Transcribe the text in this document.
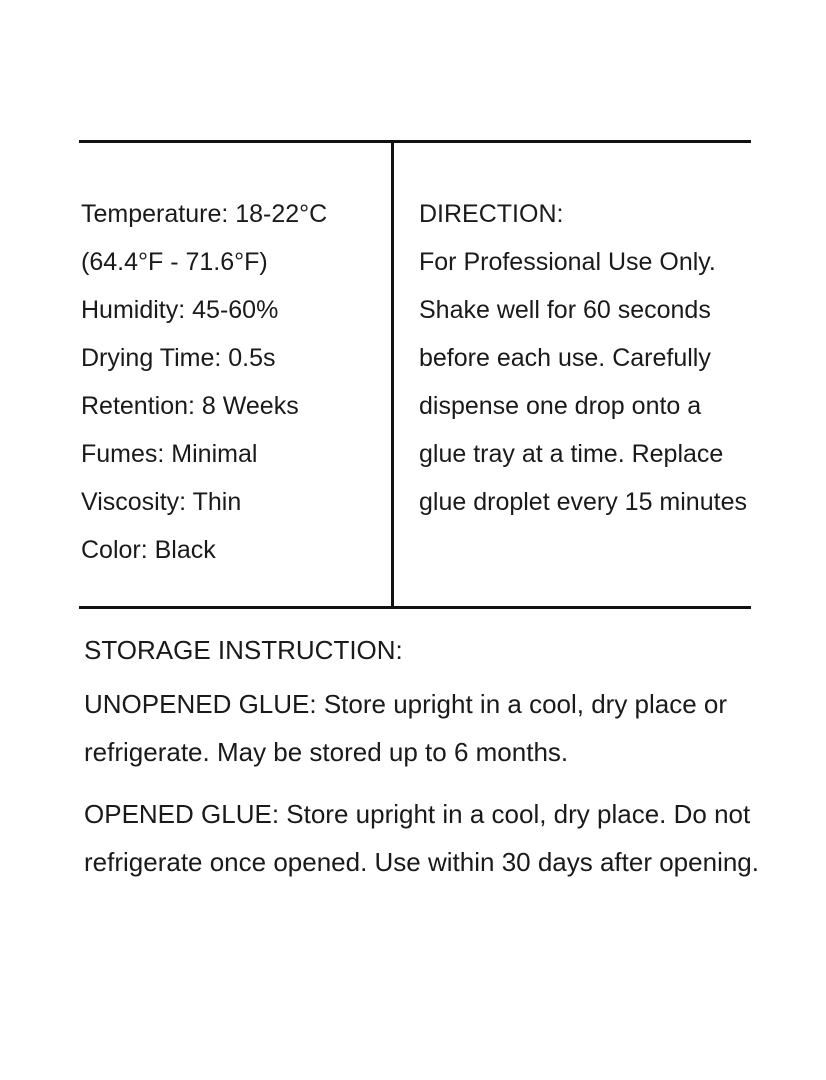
Temperature: 18-22°C
(64.4°F - 71.6°F)
Humidity: 45-60%
Drying Time: 0.5s
Retention: 8 Weeks
Fumes: Minimal
Viscosity: Thin
Color: Black

DIRECTION:

For Professional Use Only. Shake well for 60 seconds before each use. Carefully dispense one drop onto a glue tray at a time. Replace glue droplet every 15 minutes

STORAGE INSTRUCTION:

UNOPENED GLUE: Store upright in a cool, dry place or refrigerate. May be stored up to 6 months.

OPENED GLUE: Store upright in a cool, dry place. Do not refrigerate once opened. Use within 30 days after opening.
